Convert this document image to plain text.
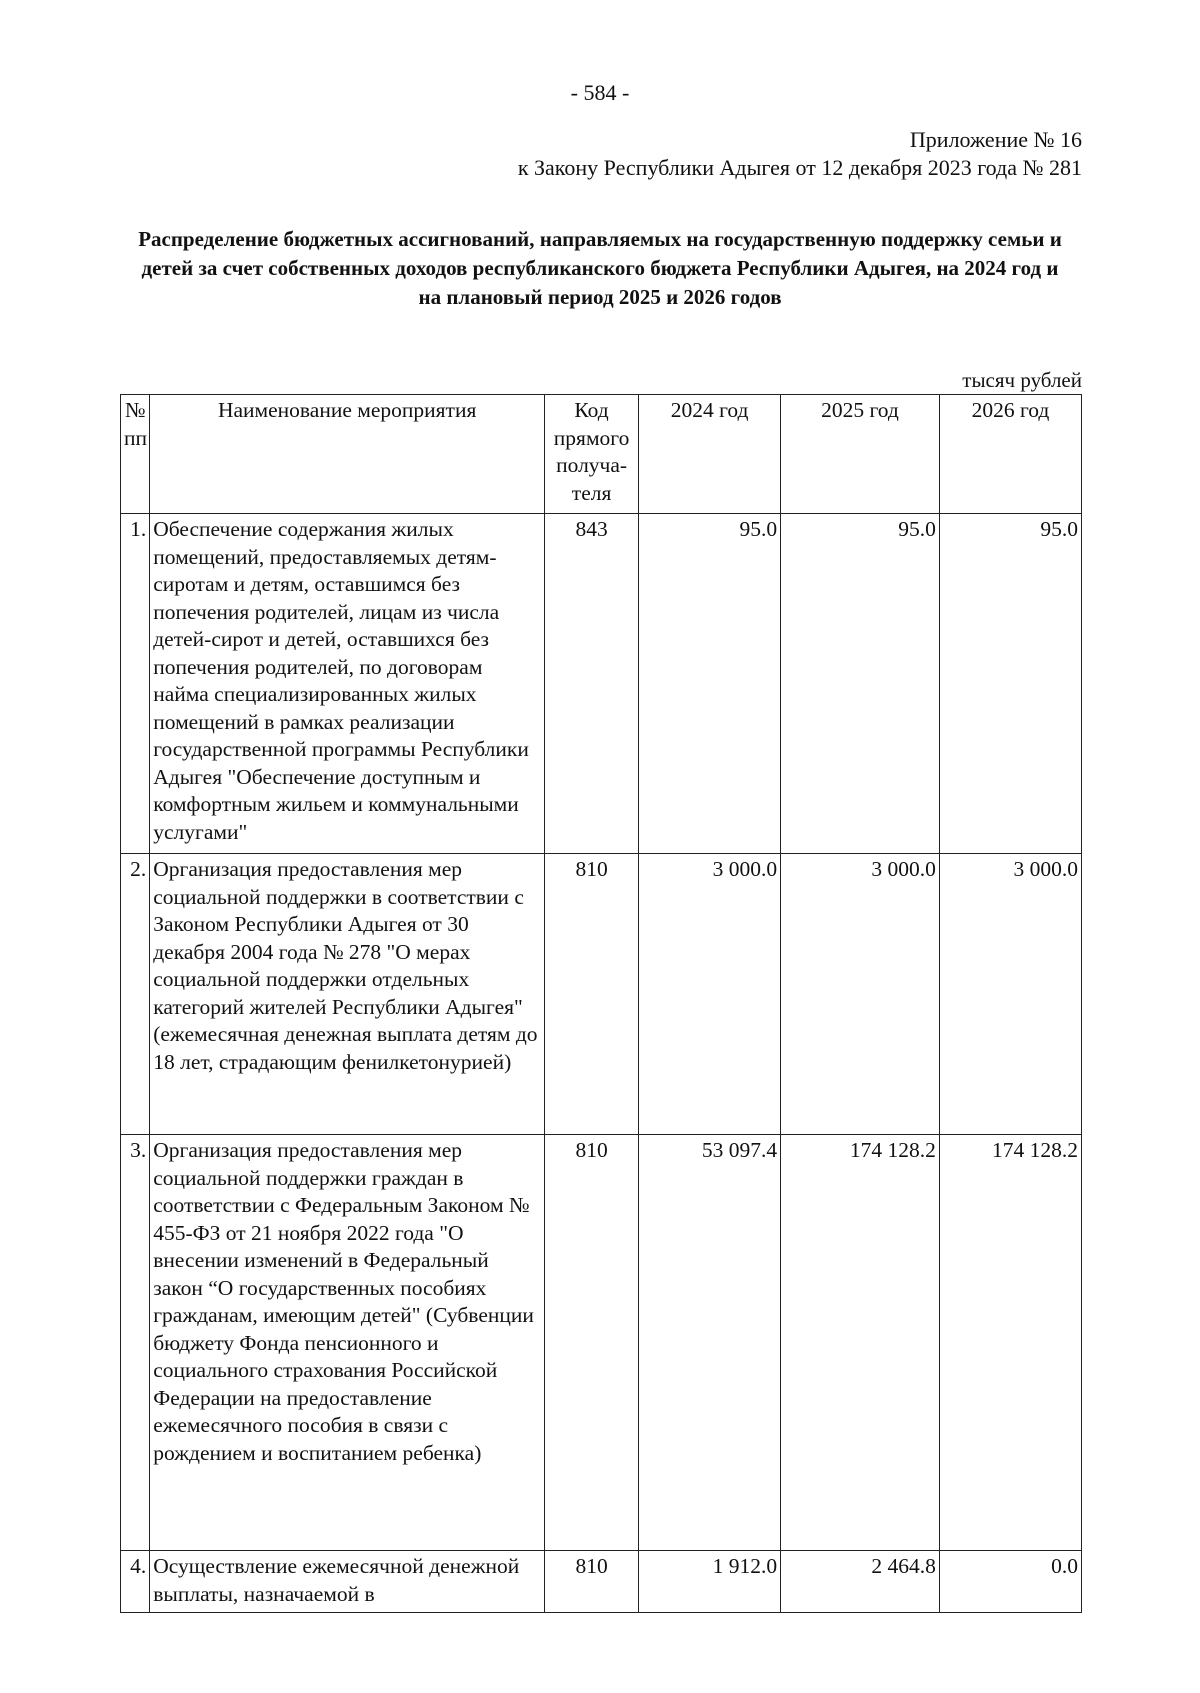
- 584 -
Приложение № 16
к Закону Республики Адыгея от 12 декабря 2023 года № 281
Распределение бюджетных ассигнований, направляемых на государственную поддержку семьи и детей за счет собственных доходов республиканского бюджета Республики Адыгея, на 2024 год и на плановый период 2025 и 2026 годов
тысяч рублей
№ пп	Наименование мероприятия	Код прямого получа-теля	2024 год	2025 год	2026 год
1.	Обеспечение содержания жилых помещений, предоставляемых детям-сиротам и детям, оставшимся без попечения родителей, лицам из числа детей-сирот и детей, оставшихся без попечения родителей, по договорам найма специализированных жилых помещений в рамках реализации государственной программы Республики Адыгея "Обеспечение доступным и комфортным жильем и коммунальными услугами"	843	95.0	95.0	95.0
2.	Организация предоставления мер социальной поддержки в соответствии с Законом Республики Адыгея от 30 декабря 2004 года № 278 "О мерах социальной поддержки отдельных категорий жителей Республики Адыгея" (ежемесячная денежная выплата детям до 18 лет, страдающим фенилкетонурией)	810	3 000.0	3 000.0	3 000.0
3.	Организация предоставления мер социальной поддержки граждан в соответствии с Федеральным Законом № 455-ФЗ от 21 ноября 2022 года "О внесении изменений в Федеральный закон “О государственных пособиях гражданам, имеющим детей" (Субвенции бюджету Фонда пенсионного и социального страхования Российской Федерации на предоставление ежемесячного пособия в связи с рождением и воспитанием ребенка)	810	53 097.4	174 128.2	174 128.2
4.	Осуществление ежемесячной денежной выплаты, назначаемой в	810	1 912.0	2 464.8	0.0
